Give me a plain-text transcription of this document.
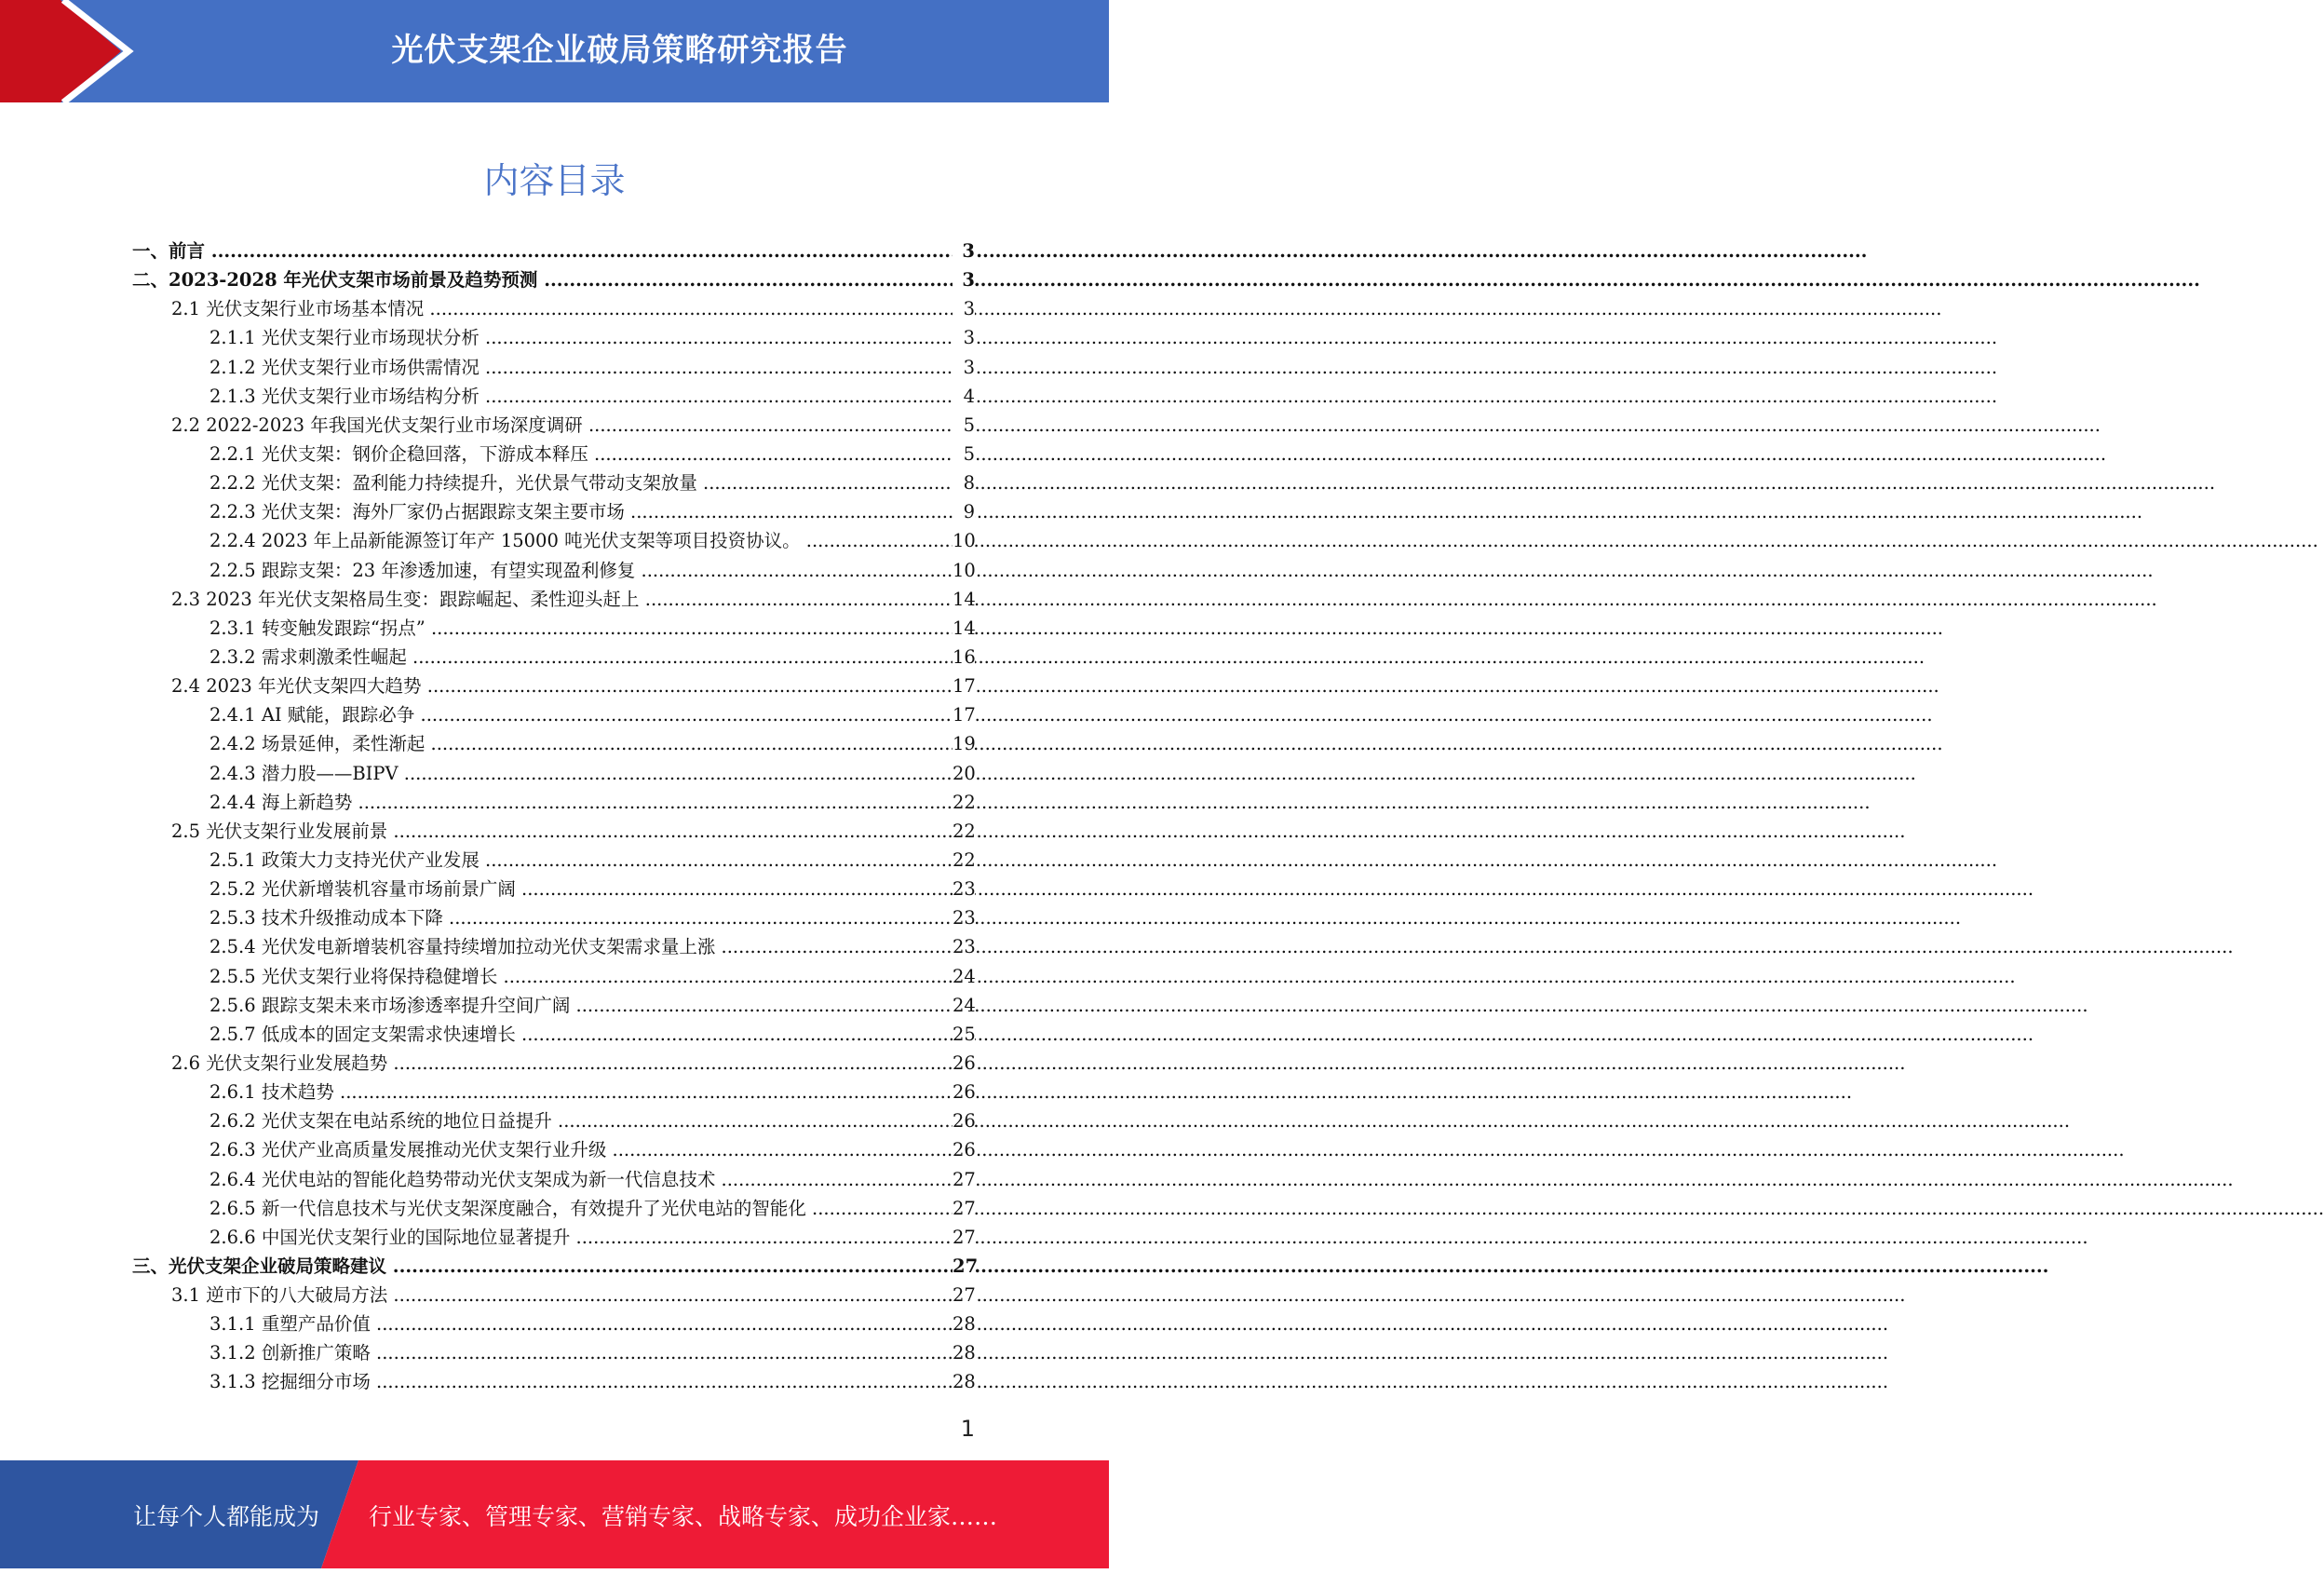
光伏支架企业破局策略研究报告
内容目录
一、前言 .....	3
二、2023-2028 年光伏支架市场前景及趋势预测 .....	3
2.1 光伏支架行业市场基本情况 .....	3
2.1.1 光伏支架行业市场现状分析 .....	3
2.1.2 光伏支架行业市场供需情况 .....	3
2.1.3 光伏支架行业市场结构分析 .....	4
2.2 2022-2023 年我国光伏支架行业市场深度调研 .....	5
2.2.1 光伏支架：钢价企稳回落，下游成本释压 .....	5
2.2.2 光伏支架：盈利能力持续提升，光伏景气带动支架放量 .....	8
2.2.3 光伏支架：海外厂家仍占据跟踪支架主要市场 .....	9
2.2.4 2023 年上品新能源签订年产 15000 吨光伏支架等项目投资协议。 .....	10
2.2.5 跟踪支架：23 年渗透加速，有望实现盈利修复 .....	10
2.3 2023 年光伏支架格局生变：跟踪崛起、柔性迎头赶上 .....	14
2.3.1 转变触发跟踪“拐点” .....	14
2.3.2 需求刺激柔性崛起 .....	16
2.4 2023 年光伏支架四大趋势 .....	17
2.4.1 AI 赋能，跟踪必争 .....	17
2.4.2 场景延伸，柔性渐起 .....	19
2.4.3 潜力股——BIPV .....	20
2.4.4 海上新趋势 .....	22
2.5 光伏支架行业发展前景 .....	22
2.5.1 政策大力支持光伏产业发展 .....	22
2.5.2 光伏新增装机容量市场前景广阔 .....	23
2.5.3 技术升级推动成本下降 .....	23
2.5.4 光伏发电新增装机容量持续增加拉动光伏支架需求量上涨 .....	23
2.5.5 光伏支架行业将保持稳健增长 .....	24
2.5.6 跟踪支架未来市场渗透率提升空间广阔 .....	24
2.5.7 低成本的固定支架需求快速增长 .....	25
2.6 光伏支架行业发展趋势 .....	26
2.6.1 技术趋势 .....	26
2.6.2 光伏支架在电站系统的地位日益提升 .....	26
2.6.3 光伏产业高质量发展推动光伏支架行业升级 .....	26
2.6.4 光伏电站的智能化趋势带动光伏支架成为新一代信息技术 .....	27
2.6.5 新一代信息技术与光伏支架深度融合，有效提升了光伏电站的智能化 .....	27
2.6.6 中国光伏支架行业的国际地位显著提升 .....	27
三、光伏支架企业破局策略建议 .....	27
3.1 逆市下的八大破局方法 .....	27
3.1.1 重塑产品价值 .....	28
3.1.2 创新推广策略 .....	28
3.1.3 挖掘细分市场 .....	28
1
让每个人都能成为 行业专家、管理专家、营销专家、战略专家、成功企业家……
